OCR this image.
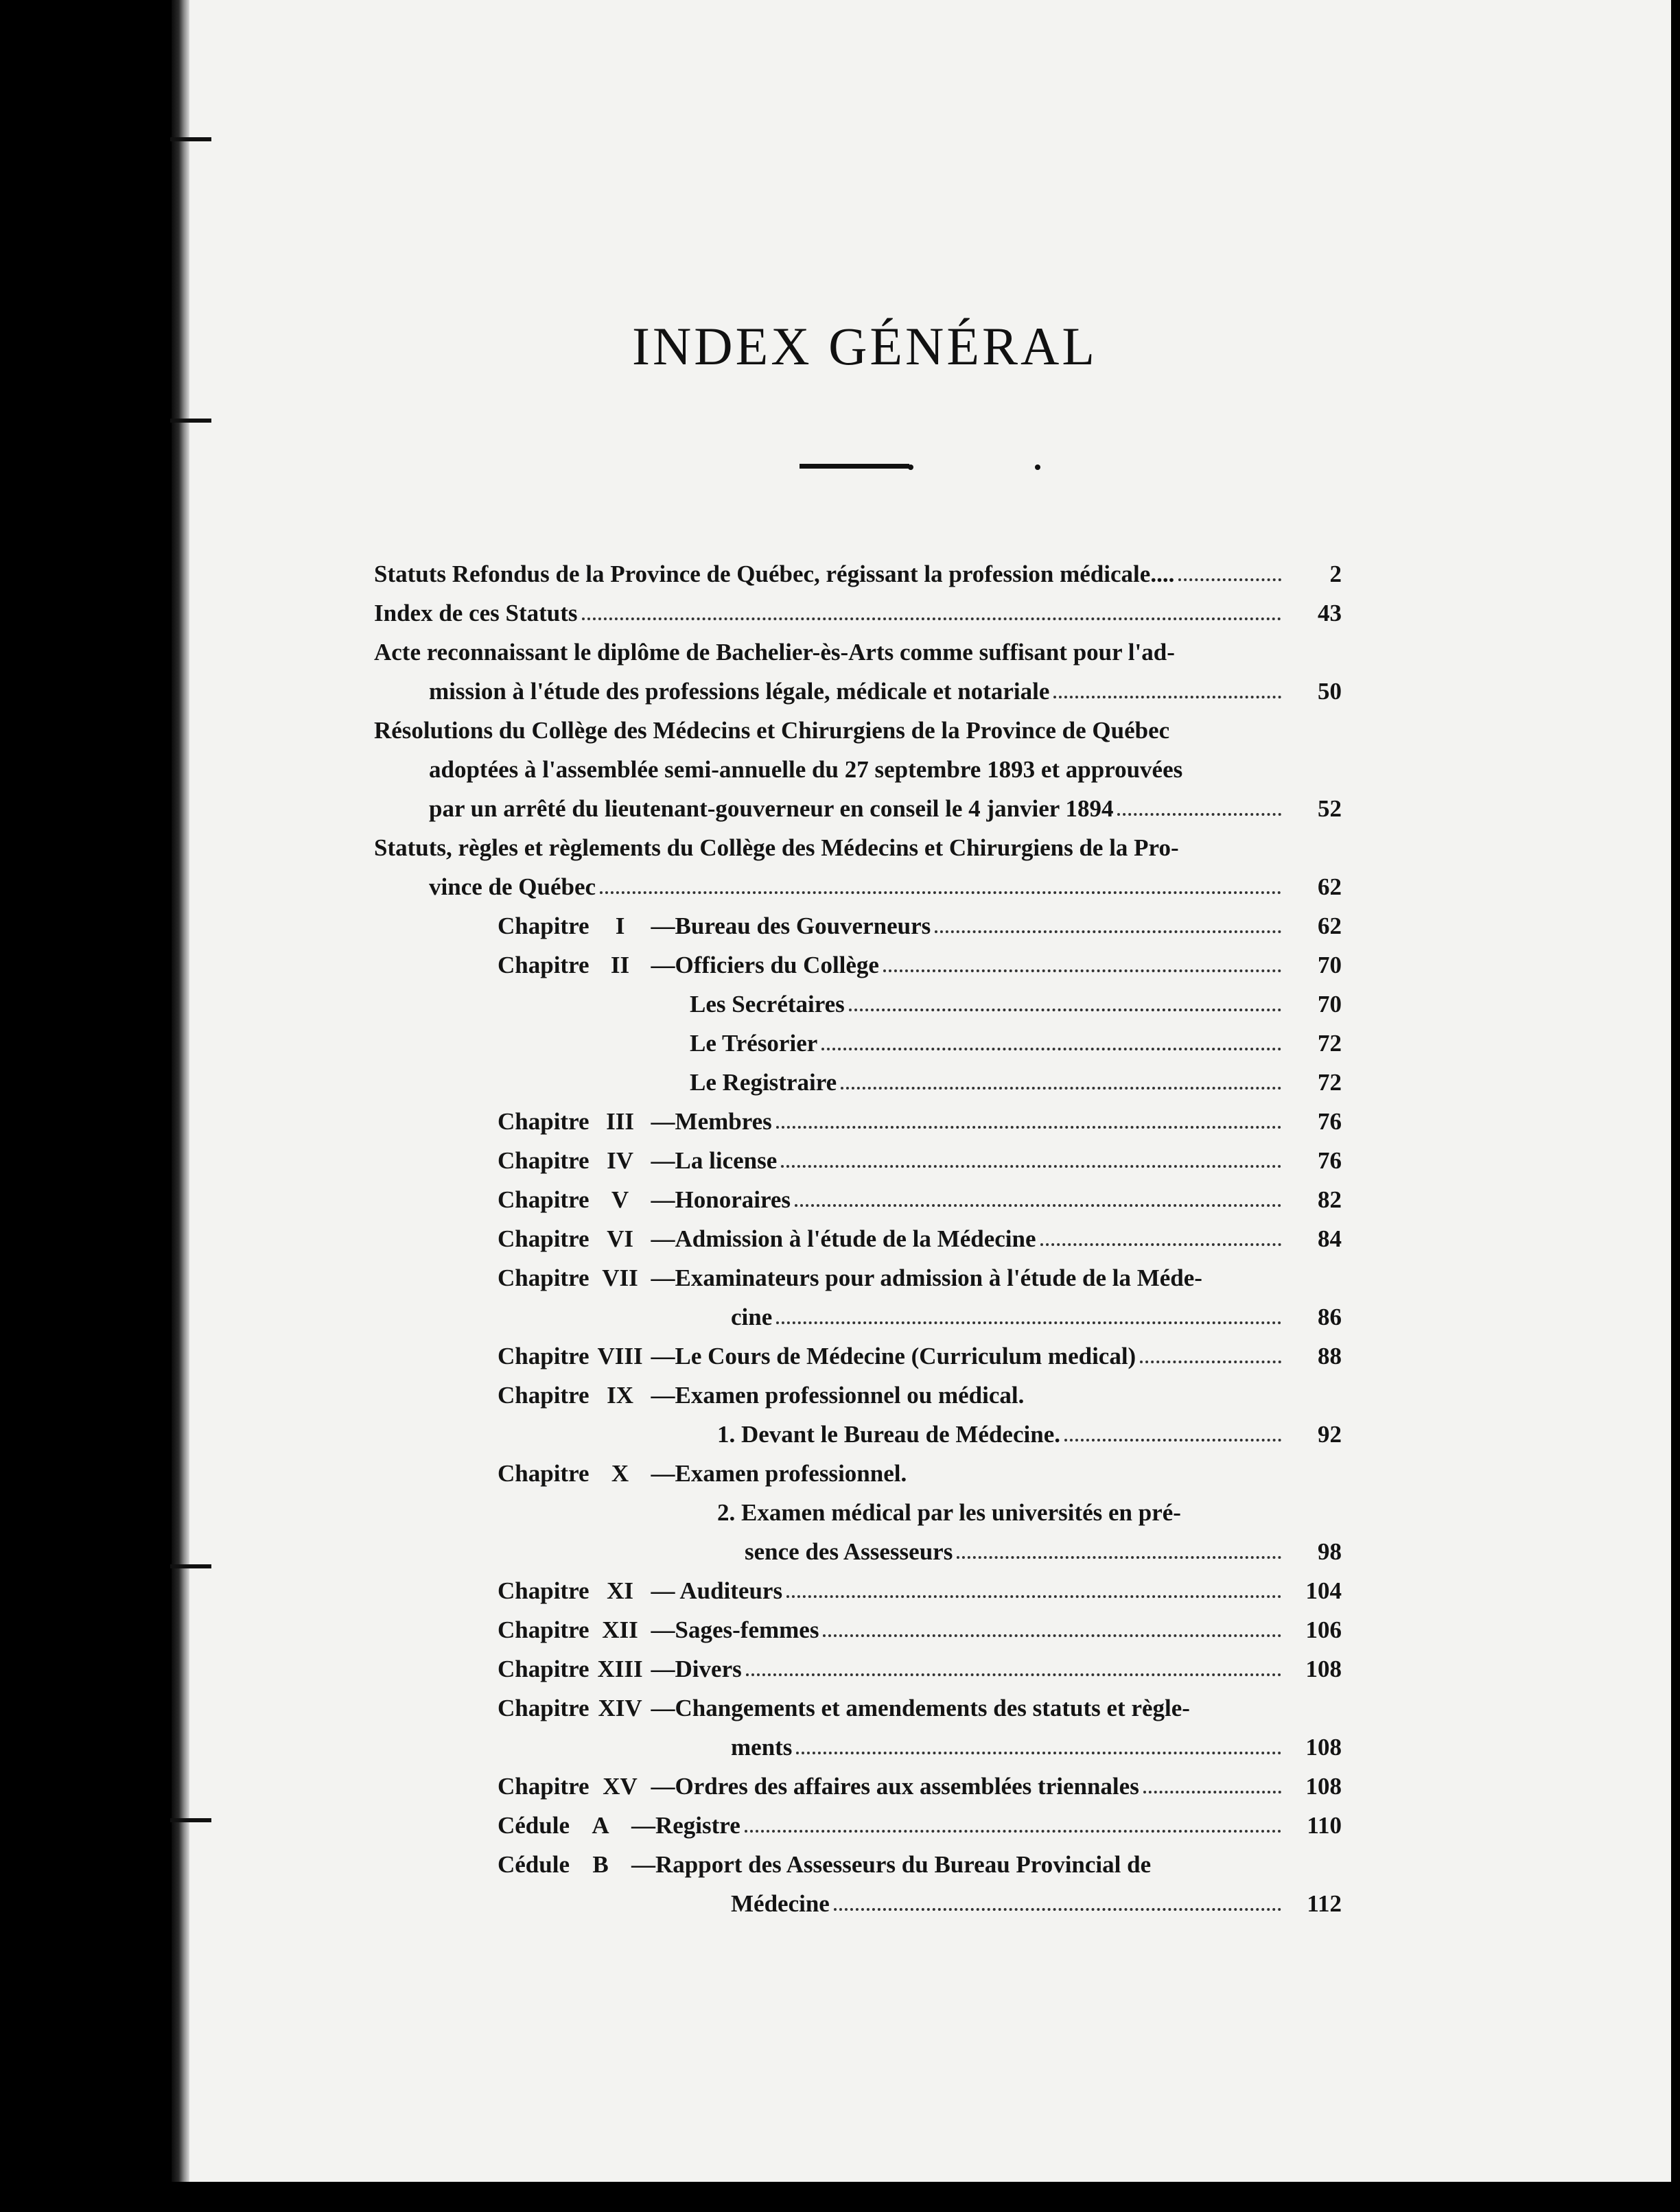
INDEX GÉNÉRAL
Statuts Refondus de la Province de Québec, régissant la profession médicale....	2
Index de ces Statuts	43
Acte reconnaissant le diplôme de Bachelier-ès-Arts comme suffisant pour l'ad-
mission à l'étude des professions légale, médicale et notariale	50
Résolutions du Collège des Médecins et Chirurgiens de la Province de Québec
adoptées à l'assemblée semi-annuelle du 27 septembre 1893 et approuvées
par un arrêté du lieutenant-gouverneur en conseil le 4 janvier 1894	52
Statuts, règles et règlements du Collège des Médecins et Chirurgiens de la Pro-
vince de Québec	62
Chapitre	I	—Bureau des Gouverneurs	62
Chapitre II —Officiers du Collège	70
Les Secrétaires	70
Le Trésorier	72
Le Registraire	72
Chapitre III —Membres	76
Chapitre IV —La license	76
Chapitre V —Honoraires	82
Chapitre VI —Admission à l'étude de la Médecine	84
Chapitre VII —Examinateurs pour admission à l'étude de la Méde-
cine	86
Chapitre VIII —Le Cours de Médecine (Curriculum medical)	88
Chapitre IX —Examen professionnel ou médical.
1. Devant le Bureau de Médecine.	92
Chapitre X —Examen professionnel.
2. Examen médical par les universités en pré-
sence des Assesseurs	98
Chapitre XI — Auditeurs	104
Chapitre XII —Sages-femmes	106
Chapitre XIII —Divers	108
Chapitre XIV —Changements et amendements des statuts et règle-
ments	108
Chapitre XV —Ordres des affaires aux assemblées triennales	108
Cédule A —Registre	110
Cédule B —Rapport des Assesseurs du Bureau Provincial de
Médecine	112
